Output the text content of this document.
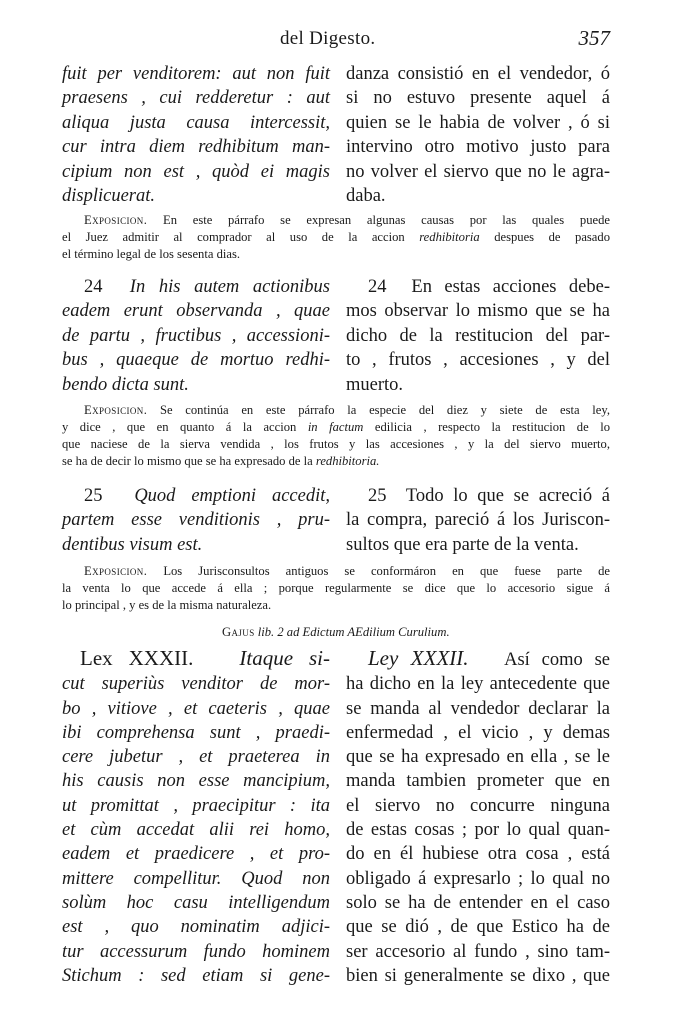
del Digesto.	357
fuit per venditorem: aut non fuit
praesens , cui redderetur : aut
aliqua justa causa intercessit,
cur intra diem redhibitum man-
cipium non est , quòd ei magis
displicuerat.
danza consistió en el vendedor, ó
si no estuvo presente aquel á
quien se le habia de volver , ó si
intervino otro motivo justo para
no volver el siervo que no le agra-
daba.
Exposicion. En este párrafo se expresan algunas causas por las quales puede
el Juez admitir al comprador al uso de la accion redhibitoria despues de pasado
el término legal de los sesenta dias.
24 In his autem actionibus
eadem erunt observanda , quae
de partu , fructibus , accessioni-
bus , quaeque de mortuo redhi-
bendo dicta sunt.
24 En estas acciones debe-
mos observar lo mismo que se ha
dicho de la restitucion del par-
to , frutos , accesiones , y del
muerto.
Exposicion. Se continúa en este párrafo la especie del diez y siete de esta ley,
y dice , que en quanto á la accion in factum edilicia , respecto la restitucion de lo
que naciese de la sierva vendida , los frutos y las accesiones , y la del siervo muerto,
se ha de decir lo mismo que se ha expresado de la redhibitoria.
25 Quod emptioni accedit,
partem esse venditionis , pru-
dentibus visum est.
25 Todo lo que se acreció á
la compra, pareció á los Juriscon-
sultos que era parte de la venta.
Exposicion. Los Jurisconsultos antiguos se conformáron en que fuese parte de
la venta lo que accede á ella ; porque regularmente se dice que lo accesorio sigue á
lo principal , y es de la misma naturaleza.
Gajus lib. 2 ad Edictum AEdilium Curulium.
Lex XXXII. Itaque si-
cut superiùs venditor de mor-
bo , vitiove , et caeteris , quae
ibi comprehensa sunt , praedi-
cere jubetur , et praeterea in
his causis non esse mancipium,
ut promittat , praecipitur : ita
et cùm accedat alii rei homo,
eadem et praedicere , et pro-
mittere compellitur. Quod non
solùm hoc casu intelligendum
est , quo nominatim adjici-
tur accessurum fundo hominem
Stichum : sed etiam si gene-
Ley XXXII. Así como se
ha dicho en la ley antecedente que
se manda al vendedor declarar la
enfermedad , el vicio , y demas
que se ha expresado en ella , se le
manda tambien prometer que en
el siervo no concurre ninguna
de estas cosas ; por lo qual quan-
do en él hubiese otra cosa , está
obligado á expresarlo ; lo qual no
solo se ha de entender en el caso
que se dió , de que Estico ha de
ser accesorio al fundo , sino tam-
bien si generalmente se dixo , que
